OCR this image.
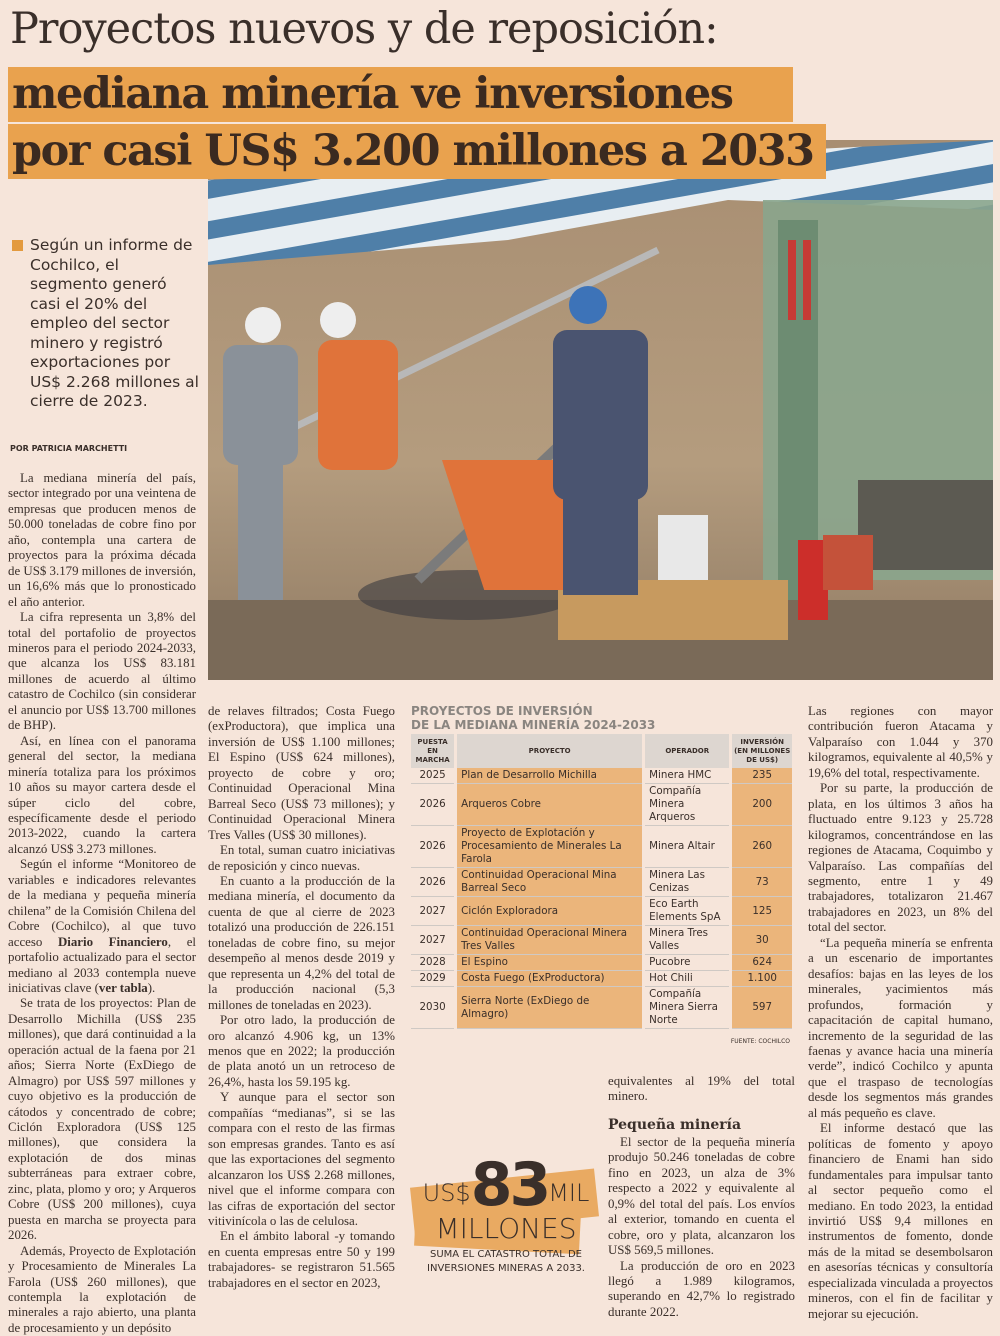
Proyectos nuevos y de reposición:
mediana minería ve inversiones
por casi US$ 3.200 millones a 2033
Según un informe de Cochilco, el segmento generó casi el 20% del empleo del sector minero y registró exportaciones por US$ 2.268 millones al cierre de 2023.
POR PATRICIA MARCHETTI

La mediana minería del país, sector integrado por una veintena de empresas que producen menos de 50.000 toneladas de cobre fino por año, contempla una cartera de proyectos para la próxima década de US$ 3.179 millones de inversión, un 16,6% más que lo pronosticado el año anterior.

La cifra representa un 3,8% del total del portafolio de proyectos mineros para el periodo 2024-2033, que alcanza los US$ 83.181 millones de acuerdo al último catastro de Cochilco (sin considerar el anuncio por US$ 13.700 millones de BHP).

Así, en línea con el panorama general del sector, la mediana minería totaliza para los próximos 10 años su mayor cartera desde el súper ciclo del cobre, específicamente desde el periodo 2013-2022, cuando la cartera alcanzó US$ 3.273 millones.

Según el informe “Monitoreo de variables e indicadores relevantes de la mediana y pequeña minería chilena” de la Comisión Chilena del Cobre (Cochilco), al que tuvo acceso Diario Financiero, el portafolio actualizado para el sector mediano al 2033 contempla nueve iniciativas clave (ver tabla).

Se trata de los proyectos: Plan de Desarrollo Michilla (US$ 235 millones), que dará continuidad a la operación actual de la faena por 21 años; Sierra Norte (ExDiego de Almagro) por US$ 597 millones y cuyo objetivo es la producción de cátodos y concentrado de cobre; Ciclón Exploradora (US$ 125 millones), que considera la explotación de dos minas subterráneas para extraer cobre, zinc, plata, plomo y oro; y Arqueros Cobre (US$ 200 millones), cuya puesta en marcha se proyecta para 2026.

Además, Proyecto de Explotación y Procesamiento de Minerales La Farola (US$ 260 millones), que contempla la explotación de minerales a rajo abierto, una planta de procesamiento y un depósito

de relaves filtrados; Costa Fuego (exProductora), que implica una inversión de US$ 1.100 millones; El Espino (US$ 624 millones), proyecto de cobre y oro; Continuidad Operacional Mina Barreal Seco (US$ 73 millones); y Continuidad Operacional Minera Tres Valles (US$ 30 millones).

En total, suman cuatro iniciativas de reposición y cinco nuevas.

En cuanto a la producción de la mediana minería, el documento da cuenta de que al cierre de 2023 totalizó una producción de 226.151 toneladas de cobre fino, su mejor desempeño al menos desde 2019 y que representa un 4,2% del total de la producción nacional (5,3 millones de toneladas en 2023).

Por otro lado, la producción de oro alcanzó 4.906 kg, un 13% menos que en 2022; la producción de plata anotó un un retroceso de 26,4%, hasta los 59.195 kg.

Y aunque para el sector son compañías “medianas”, si se las compara con el resto de las firmas son empresas grandes. Tanto es así que las exportaciones del segmento alcanzaron los US$ 2.268 millones, nivel que el informe compara con las cifras de exportación del sector vitivinícola o las de celulosa.

En el ámbito laboral -y tomando en cuenta empresas entre 50 y 199 trabajadores- se registraron 51.565 trabajadores en el sector en 2023,

equivalentes al 19% del total minero.

Pequeña minería

El sector de la pequeña minería produjo 50.246 toneladas de cobre fino en 2023, un alza de 3% respecto a 2022 y equivalente al 0,9% del total del país. Los envíos al exterior, tomando en cuenta el cobre, oro y plata, alcanzaron los US$ 569,5 millones.

La producción de oro en 2023 llegó a 1.989 kilogramos, superando en 42,7% lo registrado durante 2022.

Las regiones con mayor contribución fueron Atacama y Valparaíso con 1.044 y 370 kilogramos, equivalente al 40,5% y 19,6% del total, respectivamente.

Por su parte, la producción de plata, en los últimos 3 años ha fluctuado entre 9.123 y 25.728 kilogramos, concentrándose en las regiones de Atacama, Coquimbo y Valparaíso. Las compañías del segmento, entre 1 y 49 trabajadores, totalizaron 21.467 trabajadores en 2023, un 8% del total del sector.

“La pequeña minería se enfrenta a un escenario de importantes desafíos: bajas en las leyes de los minerales, yacimientos más profundos, formación y capacitación de capital humano, incremento de la seguridad de las faenas y avance hacia una minería verde”, indicó Cochilco y apunta que el traspaso de tecnologías desde los segmentos más grandes al más pequeño es clave.

El informe destacó que las políticas de fomento y apoyo financiero de Enami han sido fundamentales para impulsar tanto al sector pequeño como el mediano. En todo 2023, la entidad invirtió US$ 9,4 millones en instrumentos de fomento, donde más de la mitad se desembolsaron en asesorías técnicas y consultoría especializada vinculada a proyectos mineros, con el fin de facilitar y mejorar su ejecución.

PROYECTOS DE INVERSIÓN
DE LA MEDIANA MINERÍA 2024-2033
PUESTA EN MARCHA	PROYECTO	OPERADOR	INVERSIÓN (EN MILLONES DE US$)
2025	Plan de Desarrollo Michilla	Minera HMC	235
2026	Arqueros Cobre	Compañía Minera Arqueros	200
2026	Proyecto de Explotación y Procesamiento de Minerales La Farola	Minera Altair	260
2026	Continuidad Operacional Mina Barreal Seco	Minera Las Cenizas	73
2027	Ciclón Exploradora	Eco Earth Elements SpA	125
2027	Continuidad Operacional Minera Tres Valles	Minera Tres Valles	30
2028	El Espino	Pucobre	624
2029	Costa Fuego (ExProductora)	Hot Chili	1.100
2030	Sierra Norte (ExDiego de Almagro)	Compañía Minera Sierra Norte	597
FUENTE: COCHILCO
US$83MIL
MILLONES
SUMA EL CATASTRO TOTAL DE
INVERSIONES MINERAS A 2033.
